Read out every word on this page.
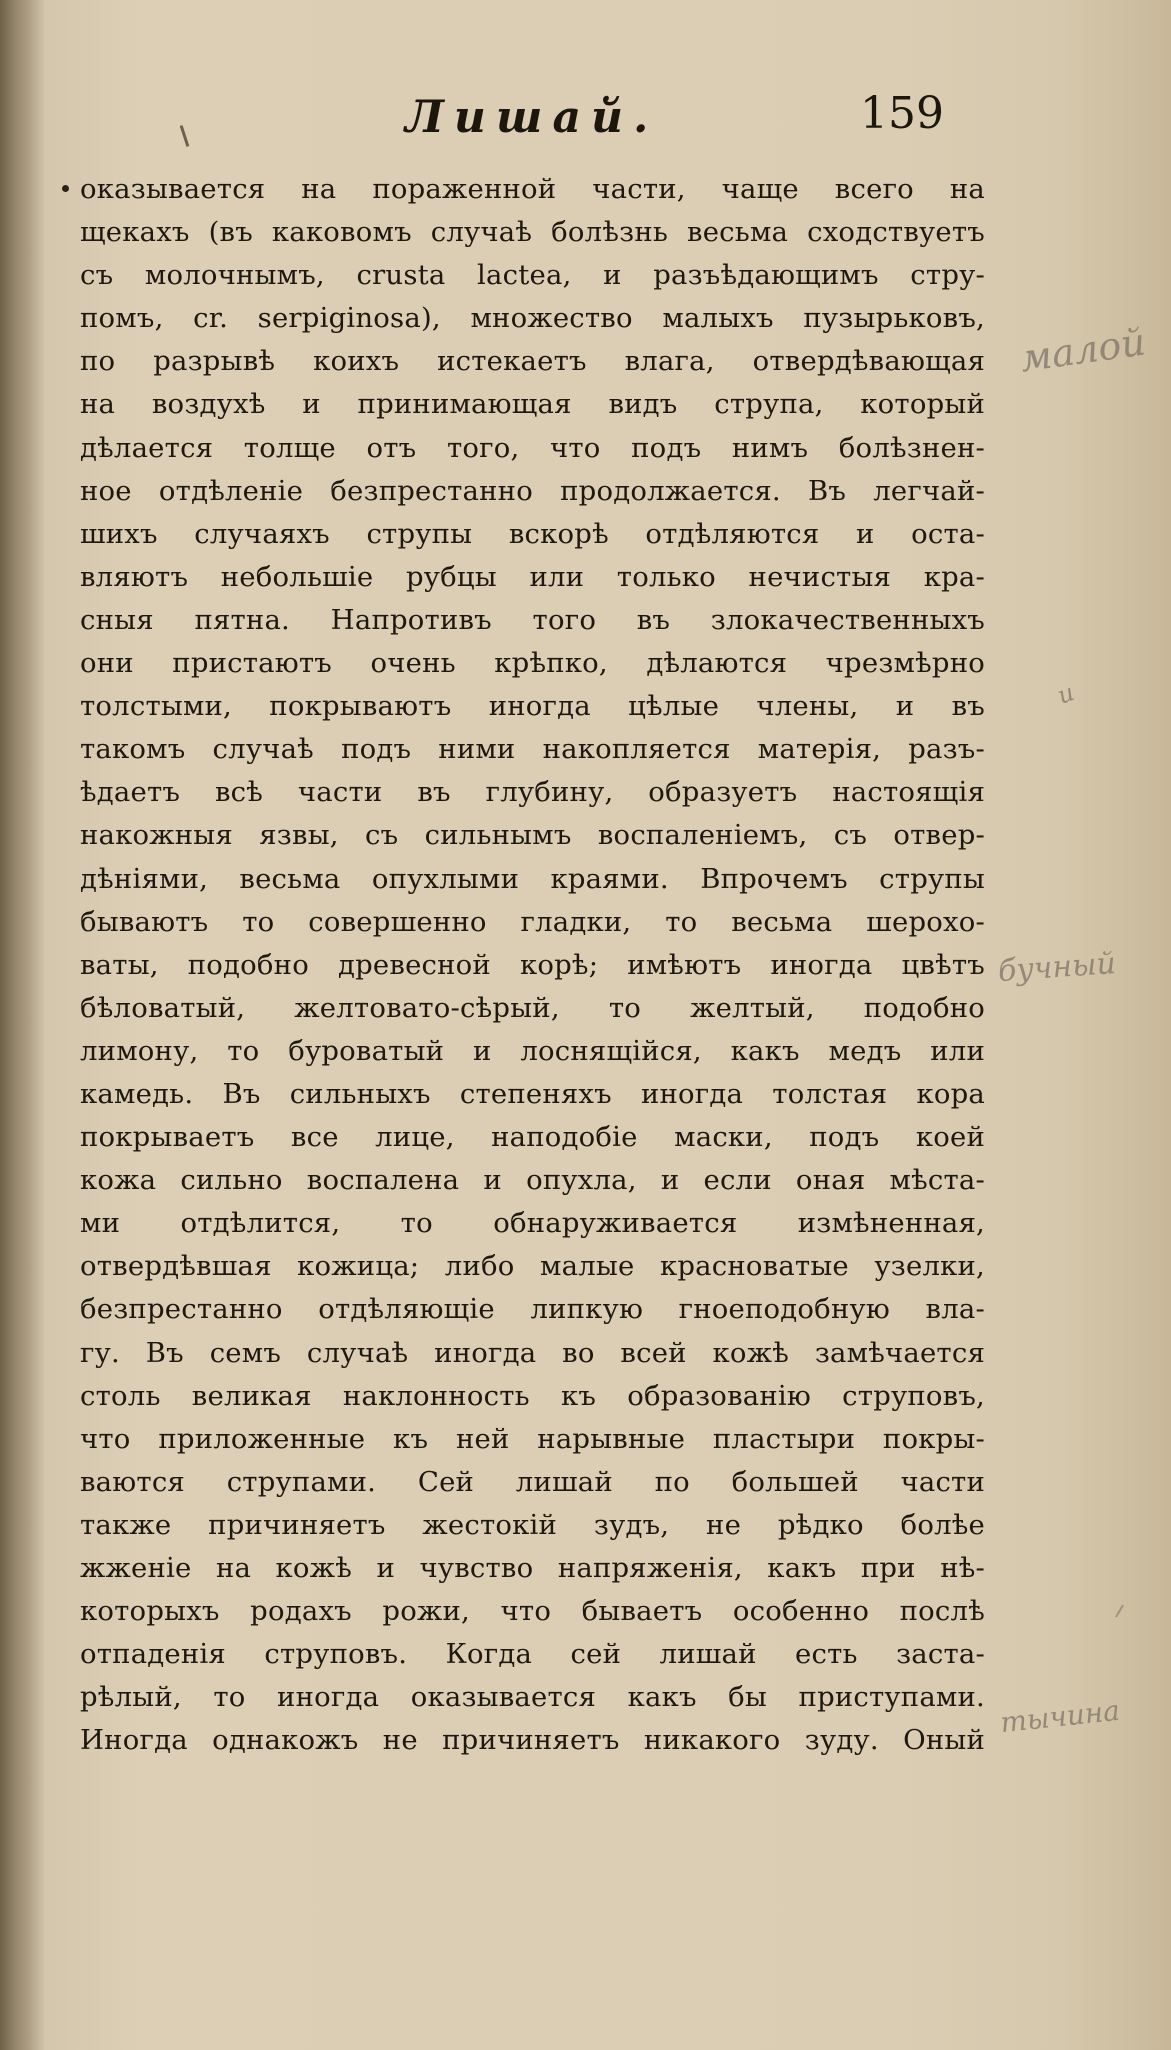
Лишай.	159
оказывается на пораженной части, чаще всего на
щекахъ (въ каковомъ случаѣ болѣзнь весьма сходствуетъ
съ молочнымъ, crusta lactea, и разъѣдающимъ стру-
помъ, cr. serpiginosa), множество малыхъ пузырьковъ,
по разрывѣ коихъ истекаетъ влага, отвердѣвающая
на воздухѣ и принимающая видъ струпа, который
дѣлается толще отъ того, что подъ нимъ болѣзнен-
ное отдѣленіе безпрестанно продолжается. Въ легчай-
шихъ случаяхъ струпы вскорѣ отдѣляются и оста-
вляютъ небольшіе рубцы или только нечистыя кра-
сныя пятна. Напротивъ того въ злокачественныхъ
они пристаютъ очень крѣпко, дѣлаются чрезмѣрно
толстыми, покрываютъ иногда цѣлые члены, и въ
такомъ случаѣ подъ ними накопляется матерія, разъ-
ѣдаетъ всѣ части въ глубину, образуетъ настоящія
накожныя язвы, съ сильнымъ воспаленіемъ, съ отвер-
дѣніями, весьма опухлыми краями. Впрочемъ струпы
бываютъ то совершенно гладки, то весьма шерохо-
ваты, подобно древесной корѣ; имѣютъ иногда цвѣтъ
бѣловатый, желтовато-сѣрый, то желтый, подобно
лимону, то буроватый и лоснящійся, какъ медъ или
камедь. Въ сильныхъ степеняхъ иногда толстая кора
покрываетъ все лице, наподобіе маски, подъ коей
кожа сильно воспалена и опухла, и если оная мѣста-
ми отдѣлится, то обнаруживается измѣненная,
отвердѣвшая кожица; либо малые красноватые узелки,
безпрестанно отдѣляющіе липкую гноеподобную вла-
гу. Въ семъ случаѣ иногда во всей кожѣ замѣчается
столь великая наклонность къ образованію струповъ,
что приложенные къ ней нарывные пластыри покры-
ваются струпами. Сей лишай по большей части
также причиняетъ жестокій зудъ, не рѣдко болѣе
жженіе на кожѣ и чувство напряженія, какъ при нѣ-
которыхъ родахъ рожи, что бываетъ особенно послѣ
отпаденія струповъ. Когда сей лишай есть заста-
рѣлый, то иногда оказывается какъ бы приступами.
Иногда однакожъ не причиняетъ никакого зуду. Оный
малой
и
бучный
тычина
